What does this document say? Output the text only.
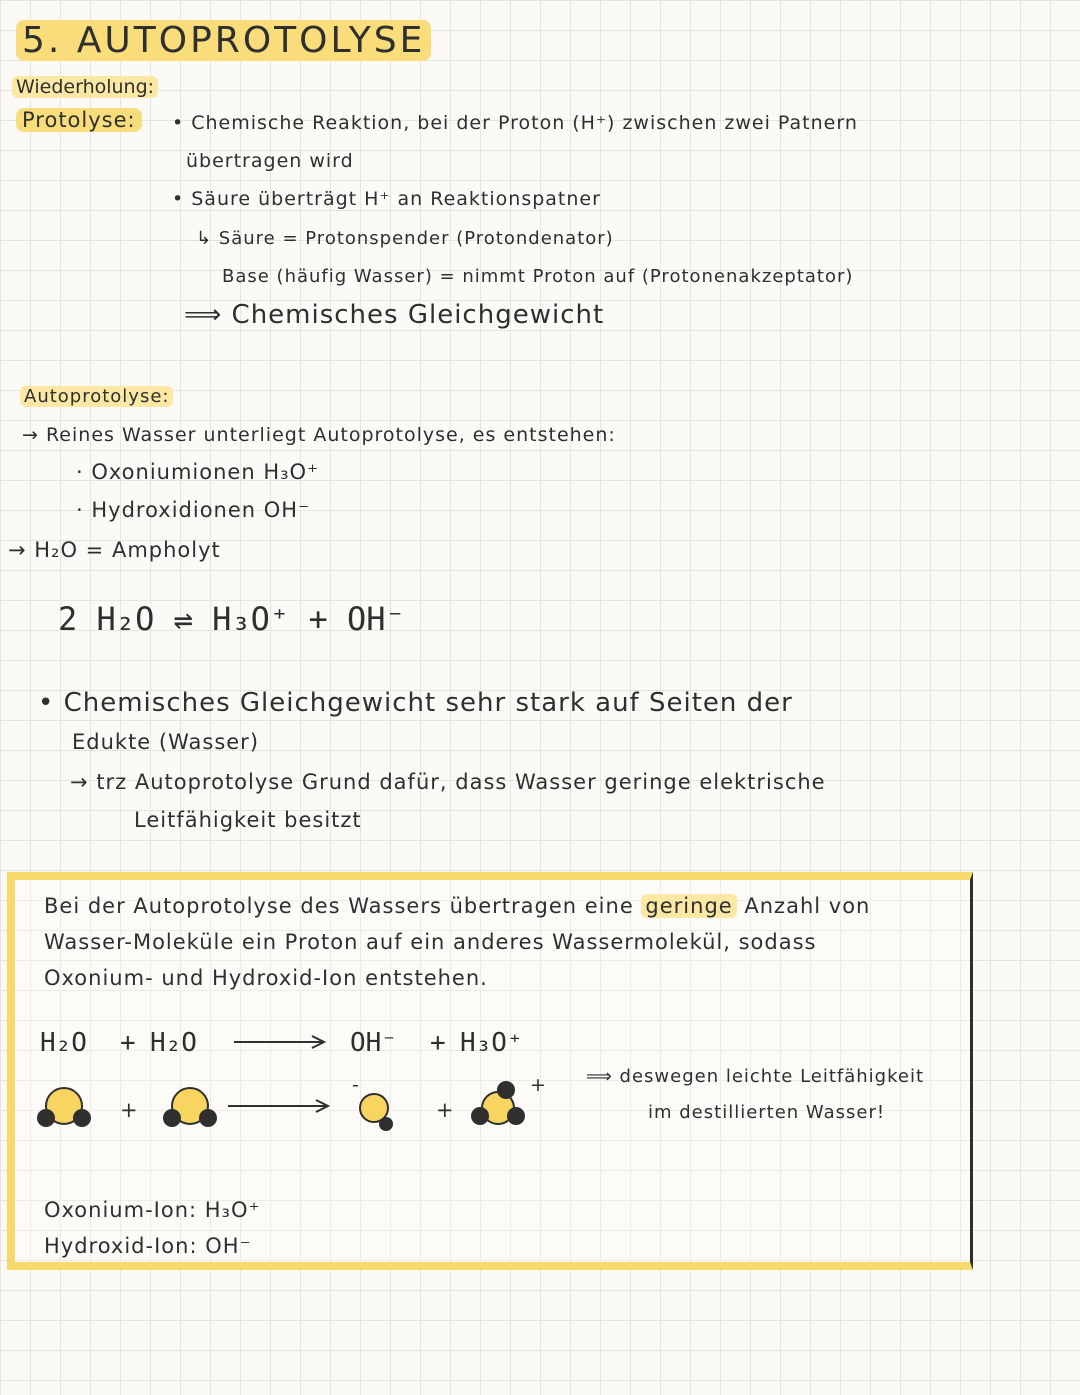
5. AUTOPROTOLYSE
Wiederholung:
Protolyse:	• Chemische Reaktion, bei der Proton (H⁺) zwischen zwei Patnern
übertragen wird
• Säure überträgt H⁺ an Reaktionspatner
↳ Säure = Protonspender (Protondenator)
Base (häufig Wasser) = nimmt Proton auf (Protonenakzeptator)
⟹ Chemisches Gleichgewicht
Autoprotolyse:
→ Reines Wasser unterliegt Autoprotolyse, es entstehen:
· Oxoniumionen H₃O⁺
· Hydroxidionen OH⁻
→ H₂O = Ampholyt
2 H₂O ⇌ H₃O⁺ + OH⁻
• Chemisches Gleichgewicht sehr stark auf Seiten der
Edukte (Wasser)
→ trz Autoprotolyse Grund dafür, dass Wasser geringe elektrische
Leitfähigkeit besitzt
Bei der Autoprotolyse des Wassers übertragen eine geringe Anzahl von
Wasser-Moleküle ein Proton auf ein anderes Wassermolekül, sodass
Oxonium- und Hydroxid-Ion entstehen.
H₂O + H₂O	OH⁻ + H₃O⁺
+
-
+
+ ⟹ deswegen leichte Leitfähigkeit
im destillierten Wasser!
Oxonium-Ion: H₃O⁺
Hydroxid-Ion: OH⁻
